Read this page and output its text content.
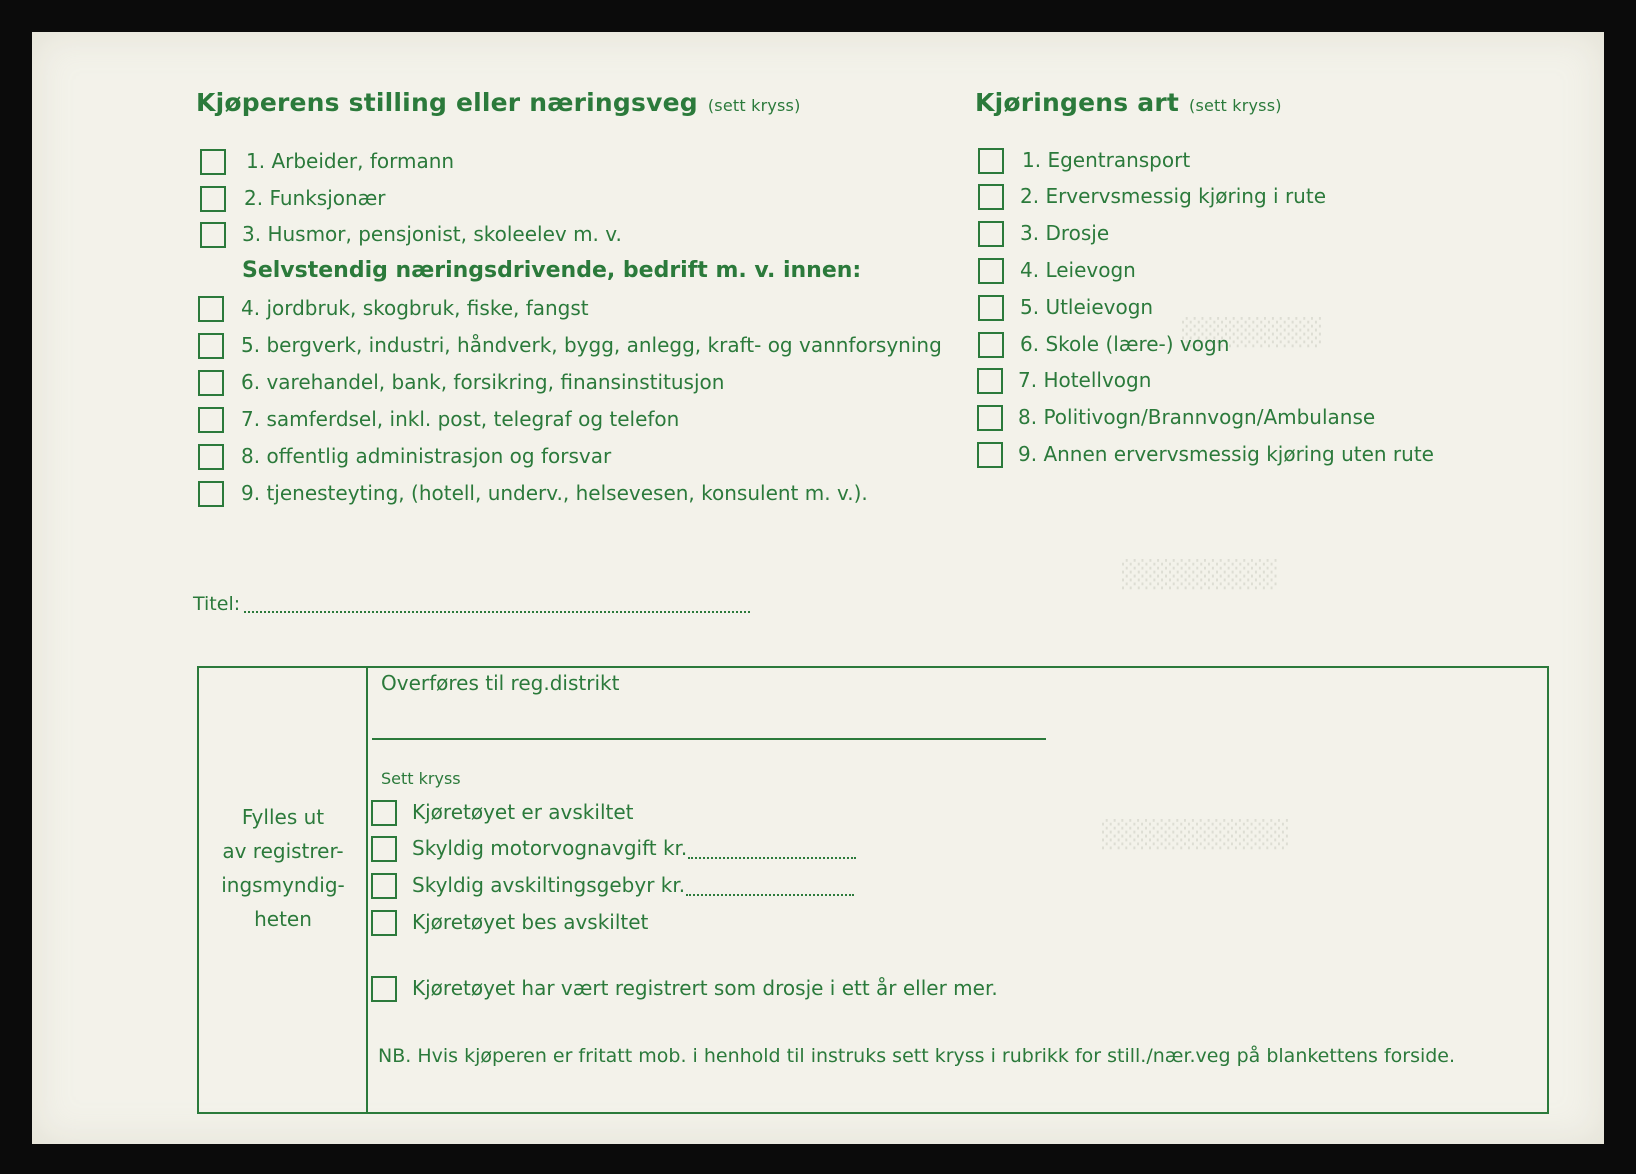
░░░░░░░░░
░░░░░░░░░░
░░░░░░░░░░░░
Kjøperens stilling eller næringsveg (sett kryss)
1. Arbeider, formann
2. Funksjonær
3. Husmor, pensjonist, skoleelev m. v.
Selvstendig næringsdrivende, bedrift m. v. innen:
4. jordbruk, skogbruk, fiske, fangst
5. bergverk, industri, håndverk, bygg, anlegg, kraft- og vannforsyning
6. varehandel, bank, forsikring, finansinstitusjon
7. samferdsel, inkl. post, telegraf og telefon
8. offentlig administrasjon og forsvar
9. tjenesteyting, (hotell, underv., helsevesen, konsulent m. v.).
Kjøringens art (sett kryss)
1. Egentransport
2. Ervervsmessig kjøring i rute
3. Drosje
4. Leievogn
5. Utleievogn
6. Skole (lære-) vogn
7. Hotellvogn
8. Politivogn/Brannvogn/Ambulanse
9. Annen ervervsmessig kjøring uten rute
Titel:
Fylles ut
av registrer-
ingsmyndig-
heten
Overføres til reg.distrikt
Sett kryss
Kjøretøyet er avskiltet
Skyldig motorvognavgift kr.
Skyldig avskiltingsgebyr kr.
Kjøretøyet bes avskiltet
Kjøretøyet har vært registrert som drosje i ett år eller mer.
NB. Hvis kjøperen er fritatt mob. i henhold til instruks sett kryss i rubrikk for still./nær.veg på blankettens forside.
